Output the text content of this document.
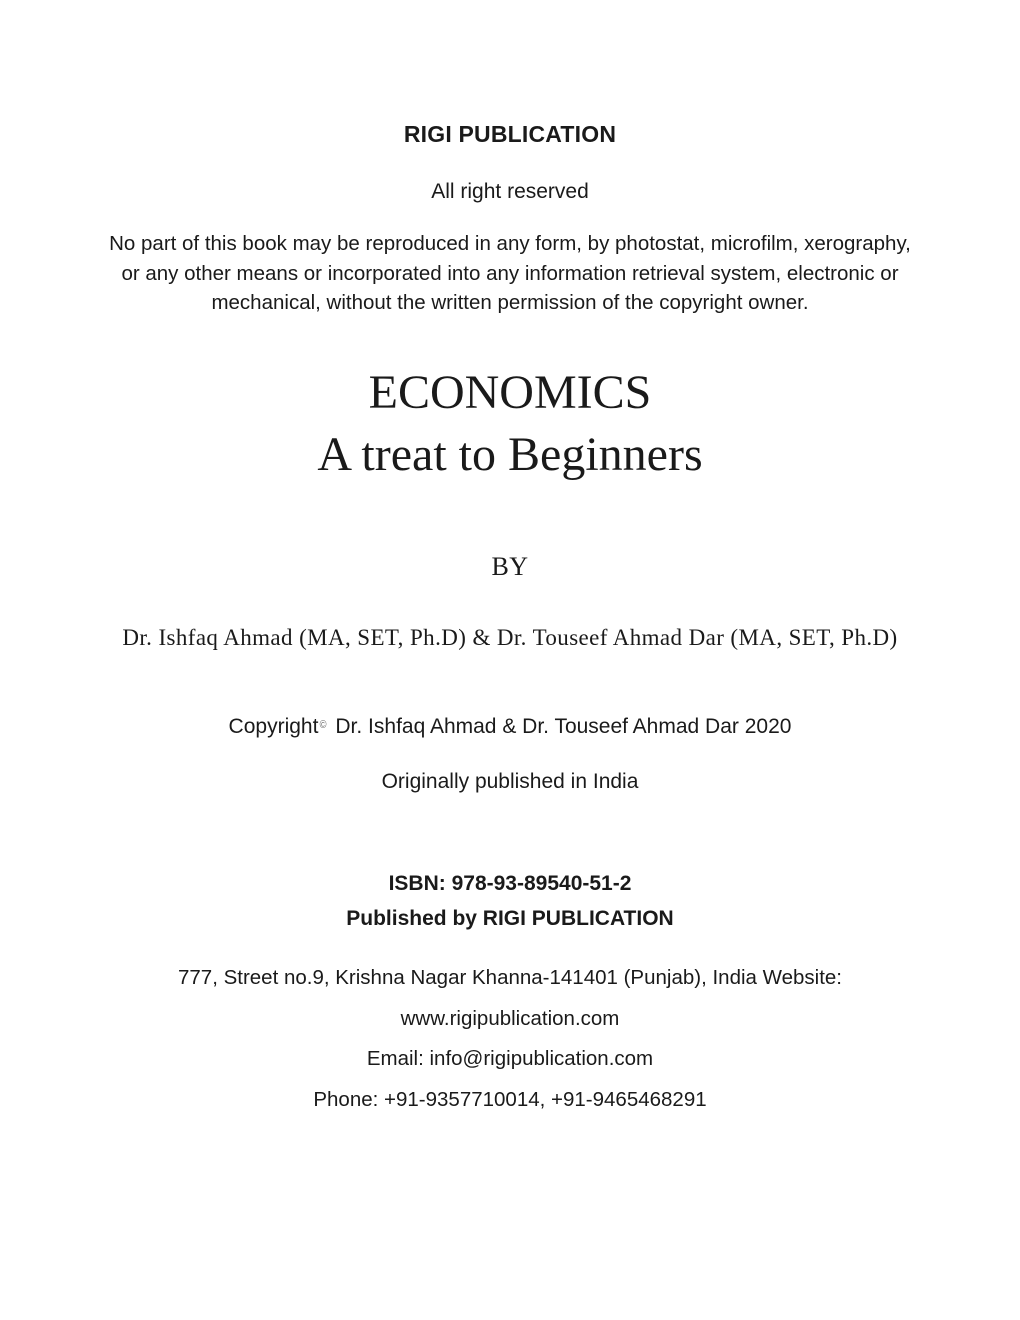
RIGI PUBLICATION
All right reserved
No part of this book may be reproduced in any form, by photostat, microfilm, xerography,
or any other means or incorporated into any information retrieval system, electronic or
mechanical, without the written permission of the copyright owner.
ECONOMICS
A treat to Beginners
BY
Dr. Ishfaq Ahmad (MA, SET, Ph.D) & Dr. Touseef Ahmad Dar (MA, SET, Ph.D)
Copyright © Dr. Ishfaq Ahmad & Dr. Touseef Ahmad Dar 2020
Originally published in India
ISBN: 978-93-89540-51-2
Published by RIGI PUBLICATION
777, Street no.9, Krishna Nagar Khanna-141401 (Punjab), India Website:
www.rigipublication.com
Email: info@rigipublication.com
Phone: +91-9357710014, +91-9465468291
